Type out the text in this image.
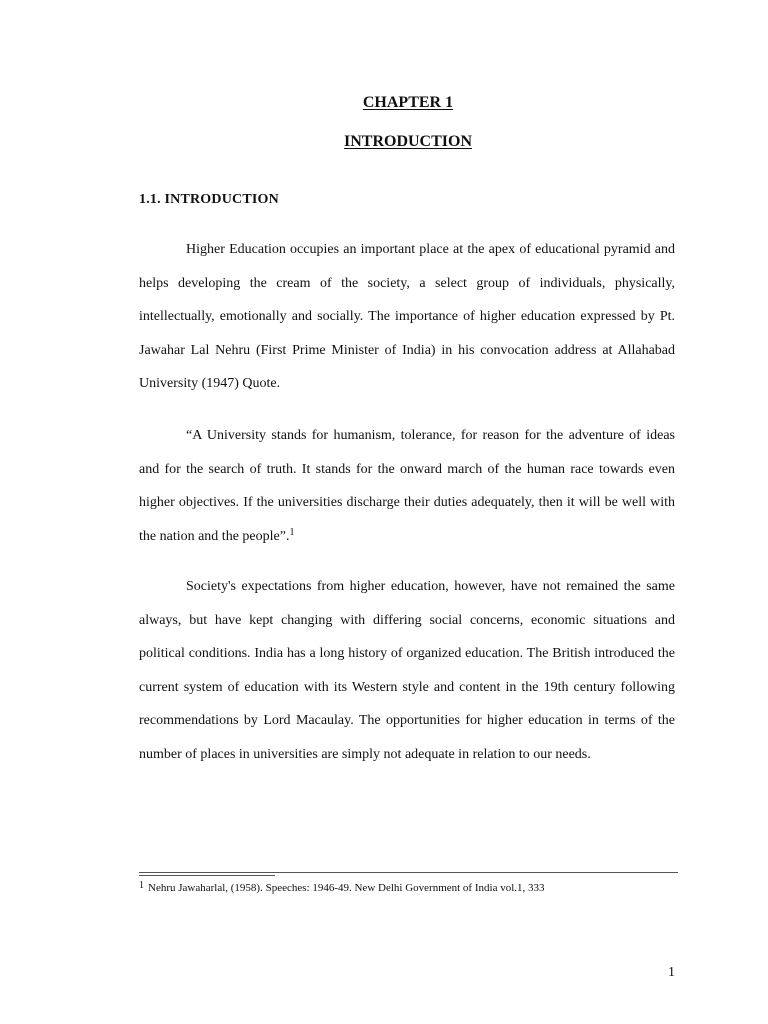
CHAPTER 1
INTRODUCTION
1.1. INTRODUCTION

Higher Education occupies an important place at the apex of educational pyramid and helps developing the cream of the society, a select group of individuals, physically, intellectually, emotionally and socially. The importance of higher education expressed by Pt. Jawahar Lal Nehru (First Prime Minister of India) in his convocation address at Allahabad University (1947) Quote.

“A University stands for humanism, tolerance, for reason for the adventure of ideas and for the search of truth. It stands for the onward march of the human race towards even higher objectives. If the universities discharge their duties adequately, then it will be well with the nation and the people”.$^1$

Society's expectations from higher education, however, have not remained the same always, but have kept changing with differing social concerns, economic situations and political conditions. India has a long history of organized education. The British introduced the current system of education with its Western style and content in the 19th century following recommendations by Lord Macaulay. The opportunities for higher education in terms of the number of places in universities are simply not adequate in relation to our needs.

1 Nehru Jawaharlal, (1958). Speeches: 1946-49. New Delhi Government of India vol.1, 333
1
